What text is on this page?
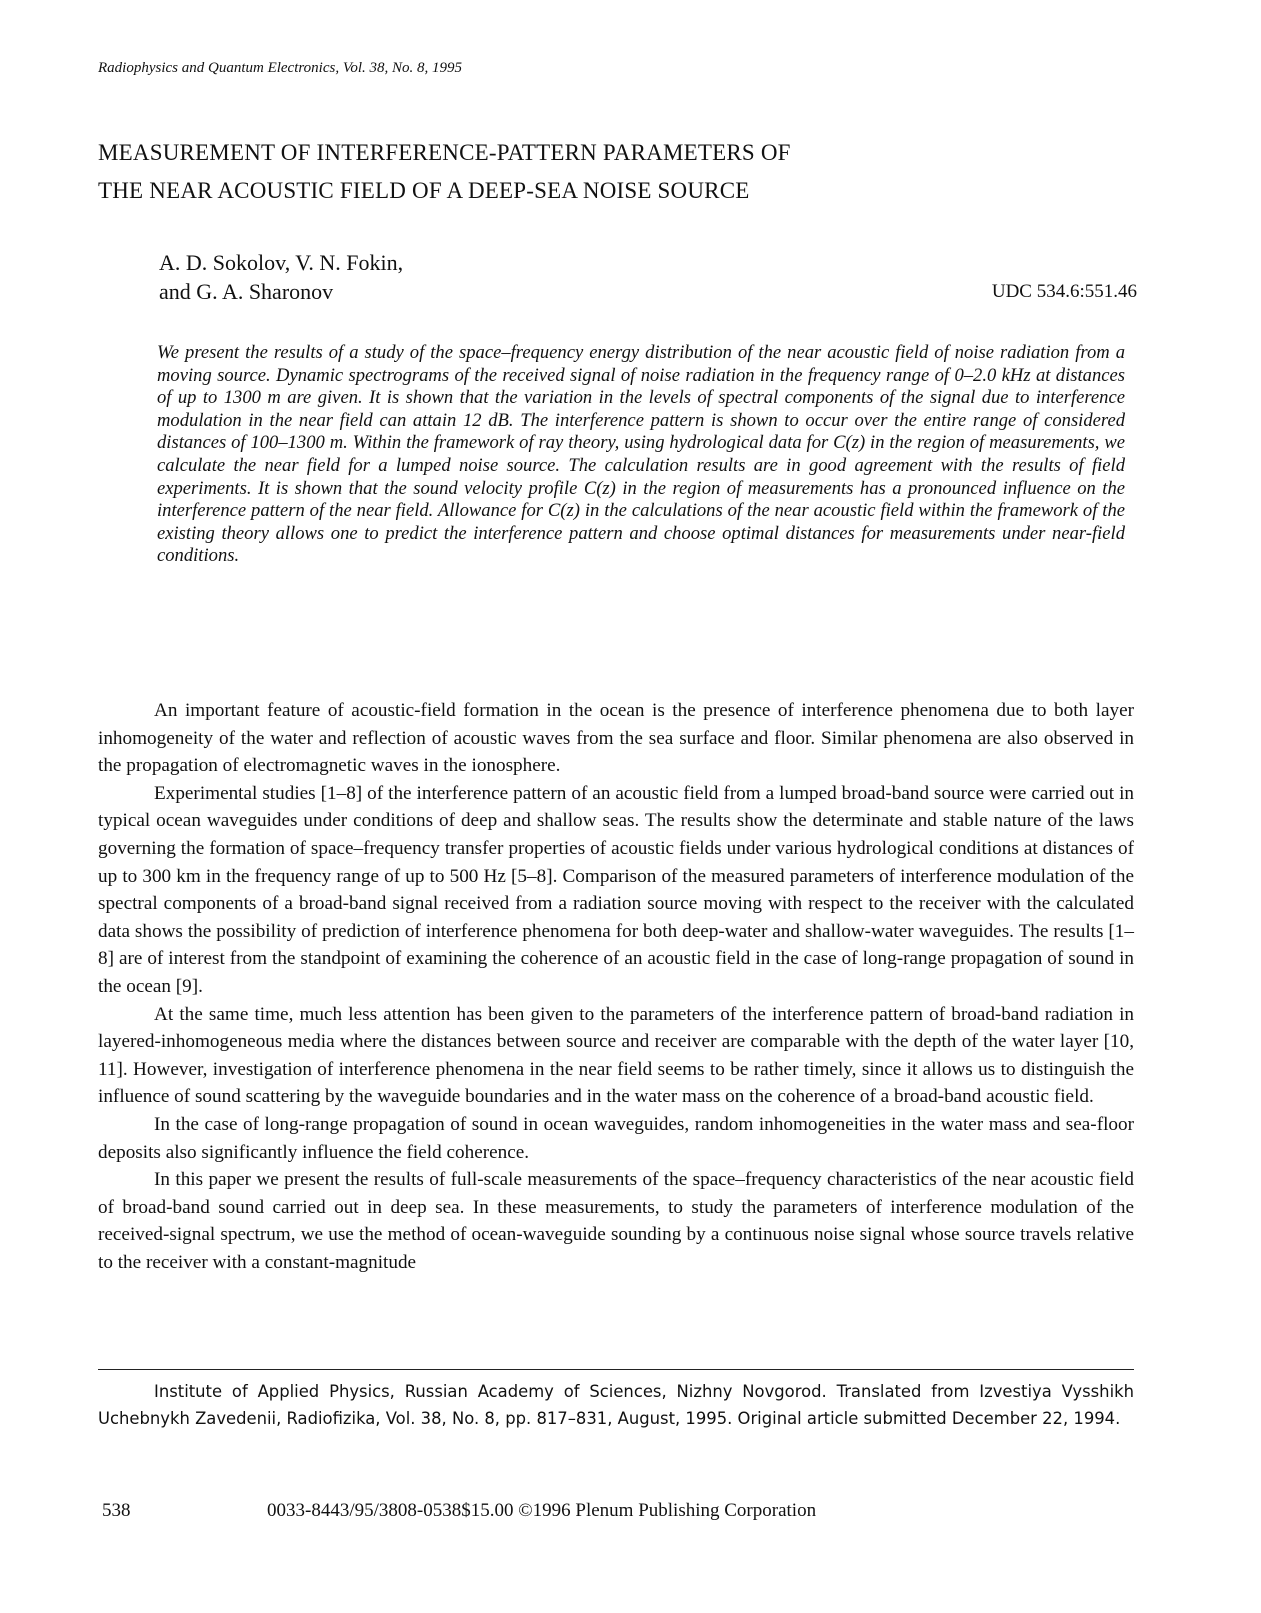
Radiophysics and Quantum Electronics, Vol. 38, No. 8, 1995
MEASUREMENT OF INTERFERENCE-PATTERN PARAMETERS OF
THE NEAR ACOUSTIC FIELD OF A DEEP-SEA NOISE SOURCE
A. D. Sokolov, V. N. Fokin,
and G. A. Sharonov	UDC 534.6:551.46

We present the results of a study of the space–frequency energy distribution of the near acoustic field of noise radiation from a moving source. Dynamic spectrograms of the received signal of noise radiation in the frequency range of 0–2.0 kHz at distances of up to 1300 m are given. It is shown that the variation in the levels of spectral components of the signal due to interference modulation in the near field can attain 12 dB. The interference pattern is shown to occur over the entire range of considered distances of 100–1300 m. Within the framework of ray theory, using hydrological data for C(z) in the region of measurements, we calculate the near field for a lumped noise source. The calculation results are in good agreement with the results of field experiments. It is shown that the sound velocity profile C(z) in the region of measurements has a pronounced influence on the interference pattern of the near field. Allowance for C(z) in the calculations of the near acoustic field within the framework of the existing theory allows one to predict the interference pattern and choose optimal distances for measurements under near-field conditions.

An important feature of acoustic-field formation in the ocean is the presence of interference phenomena due to both layer inhomogeneity of the water and reflection of acoustic waves from the sea surface and floor. Similar phenomena are also observed in the propagation of electromagnetic waves in the ionosphere.

Experimental studies [1–8] of the interference pattern of an acoustic field from a lumped broad-band source were carried out in typical ocean waveguides under conditions of deep and shallow seas. The results show the determinate and stable nature of the laws governing the formation of space–frequency transfer properties of acoustic fields under various hydrological conditions at distances of up to 300 km in the frequency range of up to 500 Hz [5–8]. Comparison of the measured parameters of interference modulation of the spectral components of a broad-band signal received from a radiation source moving with respect to the receiver with the calculated data shows the possibility of prediction of interference phenomena for both deep-water and shallow-water waveguides. The results [1–8] are of interest from the standpoint of examining the coherence of an acoustic field in the case of long-range propagation of sound in the ocean [9].

At the same time, much less attention has been given to the parameters of the interference pattern of broad-band radiation in layered-inhomogeneous media where the distances between source and receiver are comparable with the depth of the water layer [10, 11]. However, investigation of interference phenomena in the near field seems to be rather timely, since it allows us to distinguish the influence of sound scattering by the waveguide boundaries and in the water mass on the coherence of a broad-band acoustic field.

In the case of long-range propagation of sound in ocean waveguides, random inhomogeneities in the water mass and sea-floor deposits also significantly influence the field coherence.

In this paper we present the results of full-scale measurements of the space–frequency characteristics of the near acoustic field of broad-band sound carried out in deep sea. In these measurements, to study the parameters of interference modulation of the received-signal spectrum, we use the method of ocean-waveguide sounding by a continuous noise signal whose source travels relative to the receiver with a constant-magnitude

Institute of Applied Physics, Russian Academy of Sciences, Nizhny Novgorod. Translated from Izvestiya Vysshikh Uchebnykh Zavedenii, Radiofizika, Vol. 38, No. 8, pp. 817–831, August, 1995. Original article submitted December 22, 1994.

538	0033-8443/95/3808-0538$15.00 ©1996 Plenum Publishing Corporation
